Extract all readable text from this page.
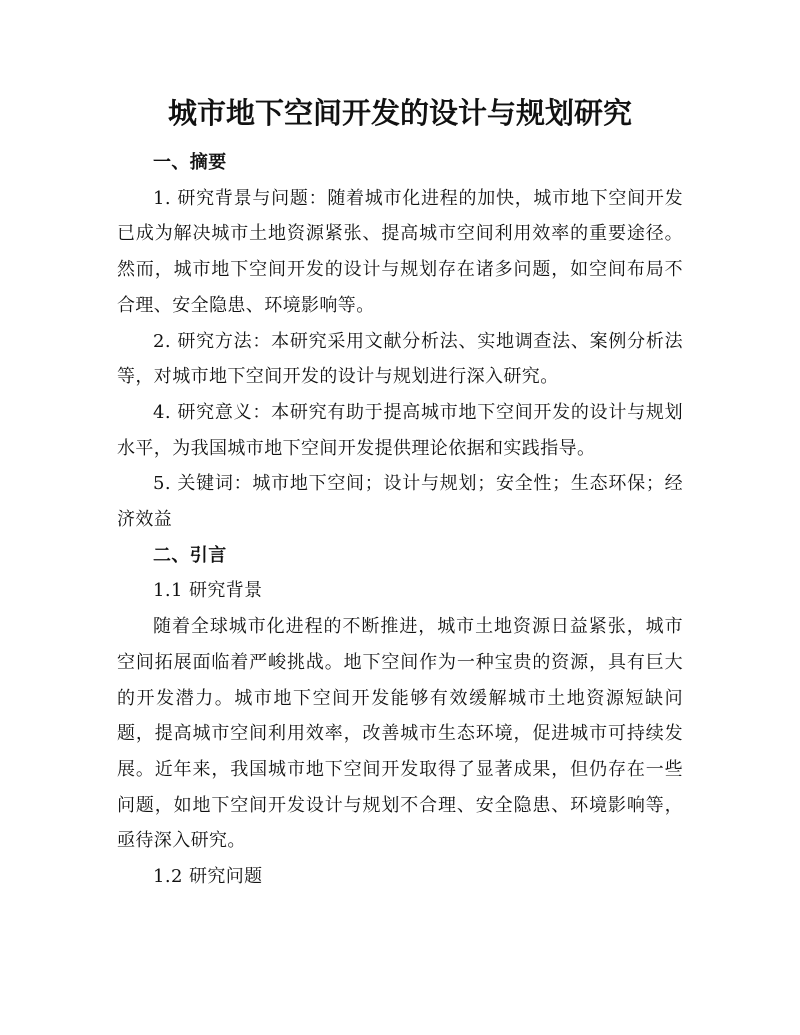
城市地下空间开发的设计与规划研究

一、摘要

1. 研究背景与问题：随着城市化进程的加快，城市地下空间开发已成为解决城市土地资源紧张、提高城市空间利用效率的重要途径。然而，城市地下空间开发的设计与规划存在诸多问题，如空间布局不合理、安全隐患、环境影响等。

2. 研究方法：本研究采用文献分析法、实地调查法、案例分析法等，对城市地下空间开发的设计与规划进行深入研究。

4. 研究意义：本研究有助于提高城市地下空间开发的设计与规划水平，为我国城市地下空间开发提供理论依据和实践指导。

5. 关键词：城市地下空间；设计与规划；安全性；生态环保；经济效益

二、引言

1.1 研究背景

随着全球城市化进程的不断推进，城市土地资源日益紧张，城市空间拓展面临着严峻挑战。地下空间作为一种宝贵的资源，具有巨大的开发潜力。城市地下空间开发能够有效缓解城市土地资源短缺问题，提高城市空间利用效率，改善城市生态环境，促进城市可持续发展。近年来，我国城市地下空间开发取得了显著成果，但仍存在一些问题，如地下空间开发设计与规划不合理、安全隐患、环境影响等，亟待深入研究。

1.2 研究问题
